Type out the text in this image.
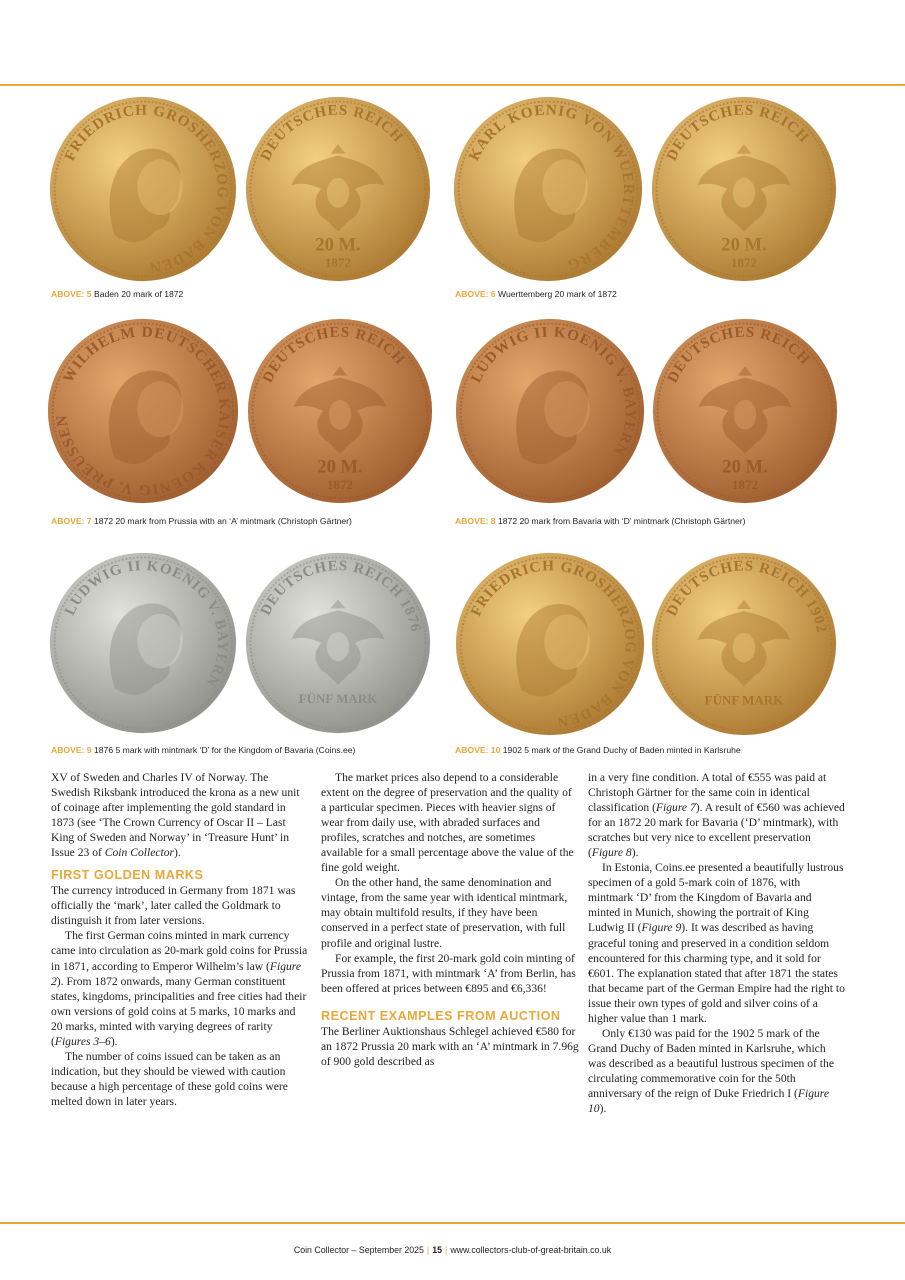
FRIEDRICH GROSHERZOG VON BADEN
DEUTSCHES REICH
20 M.
1872
ABOVE: 5 Baden 20 mark of 1872
KARL KOENIG VON WUERTTEMBERG
DEUTSCHES REICH
20 M.
1872
ABOVE: 6 Wuerttemberg 20 mark of 1872
WILHELM DEUTSCHER KAISER KOENIG V. PREUSSEN
DEUTSCHES REICH
20 M.
1872
ABOVE: 7 1872 20 mark from Prussia with an ‘A’ mintmark (Christoph Gärtner)
LUDWIG II KOENIG V. BAYERN
DEUTSCHES REICH
20 M.
1872
ABOVE: 8 1872 20 mark from Bavaria with ‘D’ mintmark (Christoph Gärtner)
LUDWIG II KOENIG V. BAYERN
DEUTSCHES REICH 1876
FÜNF MARK
ABOVE: 9 1876 5 mark with mintmark ‘D’ for the Kingdom of Bavaria (Coins.ee)
FRIEDRICH GROSHERZOG VON BADEN
DEUTSCHES REICH 1902
FÜNF MARK
ABOVE: 10 1902 5 mark of the Grand Duchy of Baden minted in Karlsruhe

XV of Sweden and Charles IV of Norway. The Swedish Riksbank introduced the krona as a new unit of coinage after implementing the gold standard in 1873 (see ‘The Crown Currency of Oscar II – Last King of Sweden and Norway’ in ‘Treasure Hunt’ in Issue 23 of Coin Collector).

FIRST GOLDEN MARKS

The currency introduced in Germany from 1871 was officially the ‘mark’, later called the Goldmark to distinguish it from later versions.

The first German coins minted in mark currency came into circulation as 20-mark gold coins for Prussia in 1871, according to Emperor Wilhelm’s law (Figure 2). From 1872 onwards, many German constituent states, kingdoms, principalities and free cities had their own versions of gold coins at 5 marks, 10 marks and 20 marks, minted with varying degrees of rarity (Figures 3–6).

The number of coins issued can be taken as an indication, but they should be viewed with caution because a high percentage of these gold coins were melted down in later years.

The market prices also depend to a considerable extent on the degree of preservation and the quality of a particular specimen. Pieces with heavier signs of wear from daily use, with abraded surfaces and profiles, scratches and notches, are sometimes available for a small percentage above the value of the fine gold weight.

On the other hand, the same denomination and vintage, from the same year with identical mintmark, may obtain multifold results, if they have been conserved in a perfect state of preservation, with full profile and original lustre.

For example, the first 20-mark gold coin minting of Prussia from 1871, with mintmark ‘A’ from Berlin, has been offered at prices between €895 and €6,336!

RECENT EXAMPLES FROM AUCTION

The Berliner Auktionshaus Schlegel achieved €580 for an 1872 Prussia 20 mark with an ‘A’ mintmark in 7.96g of 900 gold described as

in a very fine condition. A total of €555 was paid at Christoph Gärtner for the same coin in identical classification (Figure 7). A result of €560 was achieved for an 1872 20 mark for Bavaria (‘D’ mintmark), with scratches but very nice to excellent preservation (Figure 8).

In Estonia, Coins.ee presented a beautifully lustrous specimen of a gold 5-mark coin of 1876, with mintmark ‘D’ from the Kingdom of Bavaria and minted in Munich, showing the portrait of King Ludwig II (Figure 9). It was described as having graceful toning and preserved in a condition seldom encountered for this charming type, and it sold for €601. The explanation stated that after 1871 the states that became part of the German Empire had the right to issue their own types of gold and silver coins of a higher value than 1 mark.

Only €130 was paid for the 1902 5 mark of the Grand Duchy of Baden minted in Karlsruhe, which was described as a beautiful lustrous specimen of the circulating commemorative coin for the 50th anniversary of the reign of Duke Friedrich I (Figure 10).

Coin Collector – September 2025 | 15 | www.collectors-club-of-great-britain.co.uk
